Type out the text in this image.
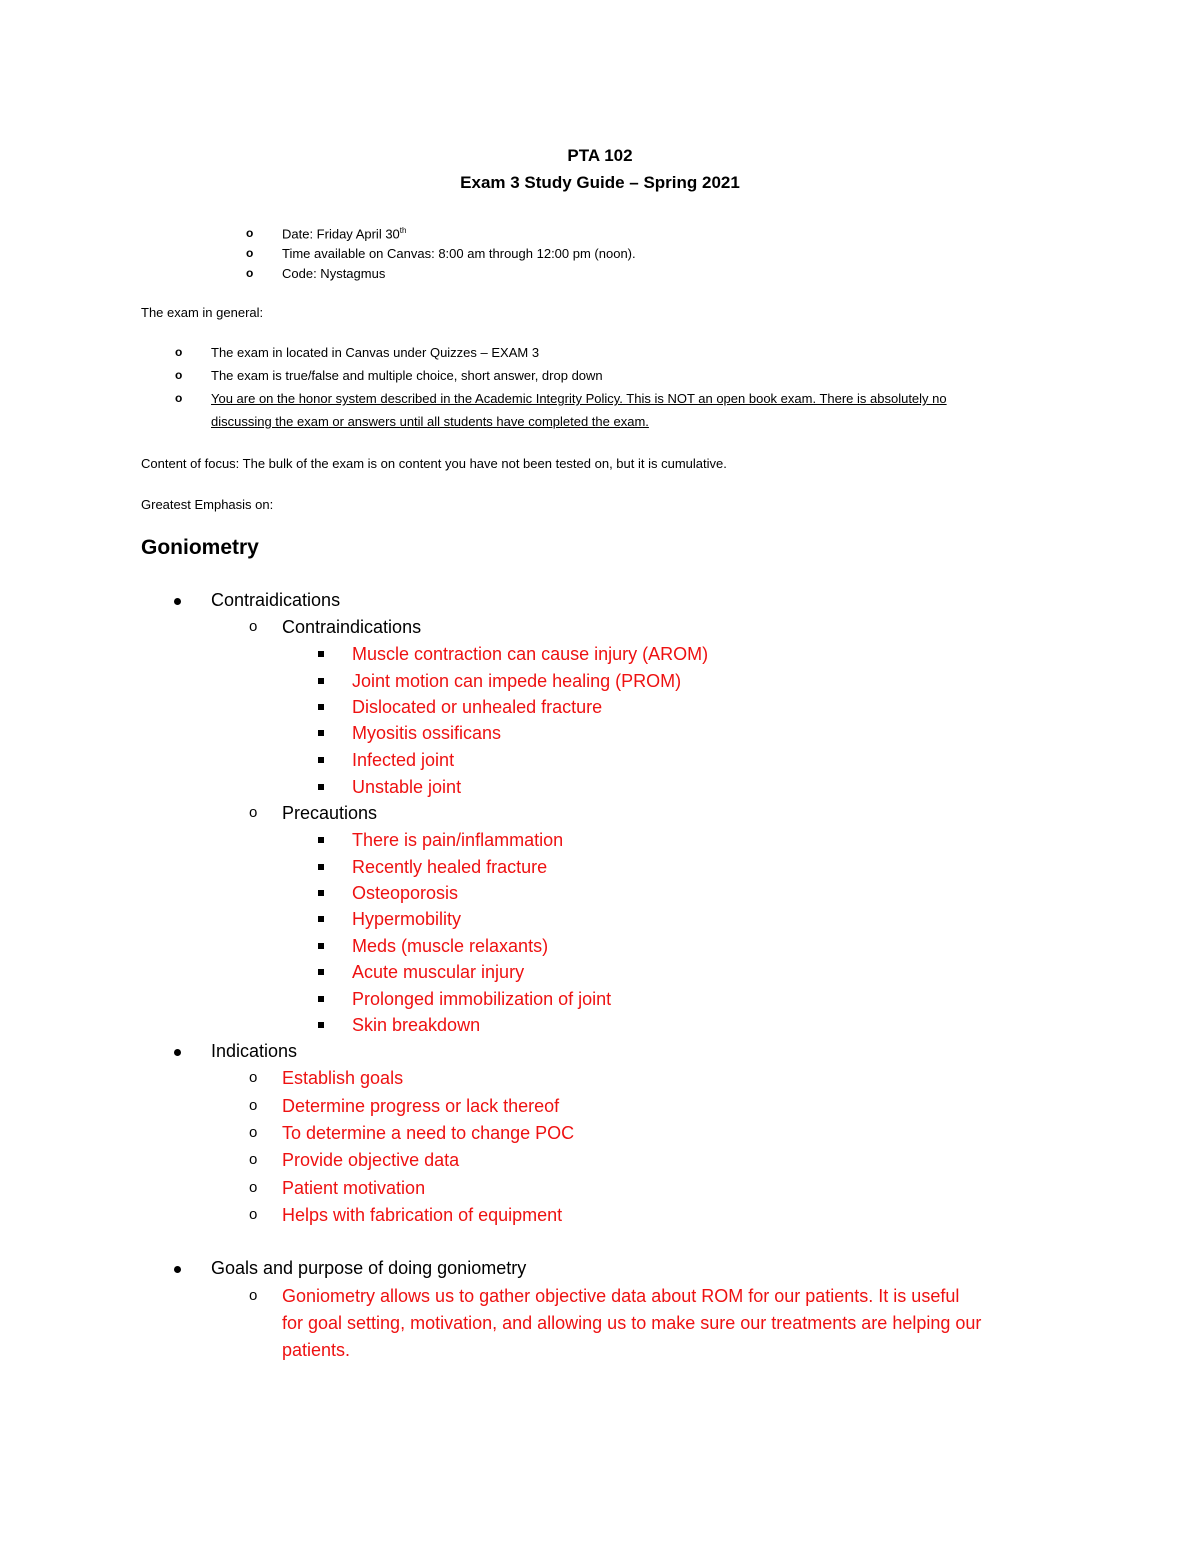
PTA 102
Exam 3 Study Guide – Spring 2021
o Date: Friday April 30th
o Time available on Canvas: 8:00 am through 12:00 pm (noon).
o Code: Nystagmus
The exam in general:
o The exam in located in Canvas under Quizzes – EXAM 3
o The exam is true/false and multiple choice, short answer, drop down
o You are on the honor system described in the Academic Integrity Policy. This is NOT an open book exam. There is absolutely no
discussing the exam or answers until all students have completed the exam.
Content of focus: The bulk of the exam is on content you have not been tested on, but it is cumulative.
Greatest Emphasis on:
Goniometry
Contraidications
o Contraindications
Muscle contraction can cause injury (AROM)
Joint motion can impede healing (PROM)
Dislocated or unhealed fracture
Myositis ossificans
Infected joint
Unstable joint
o Precautions
There is pain/inflammation
Recently healed fracture
Osteoporosis
Hypermobility
Meds (muscle relaxants)
Acute muscular injury
Prolonged immobilization of joint
Skin breakdown
Indications
o Establish goals
o Determine progress or lack thereof
o To determine a need to change POC
o Provide objective data
o Patient motivation
o Helps with fabrication of equipment
Goals and purpose of doing goniometry
o Goniometry allows us to gather objective data about ROM for our patients. It is useful
for goal setting, motivation, and allowing us to make sure our treatments are helping our
patients.
